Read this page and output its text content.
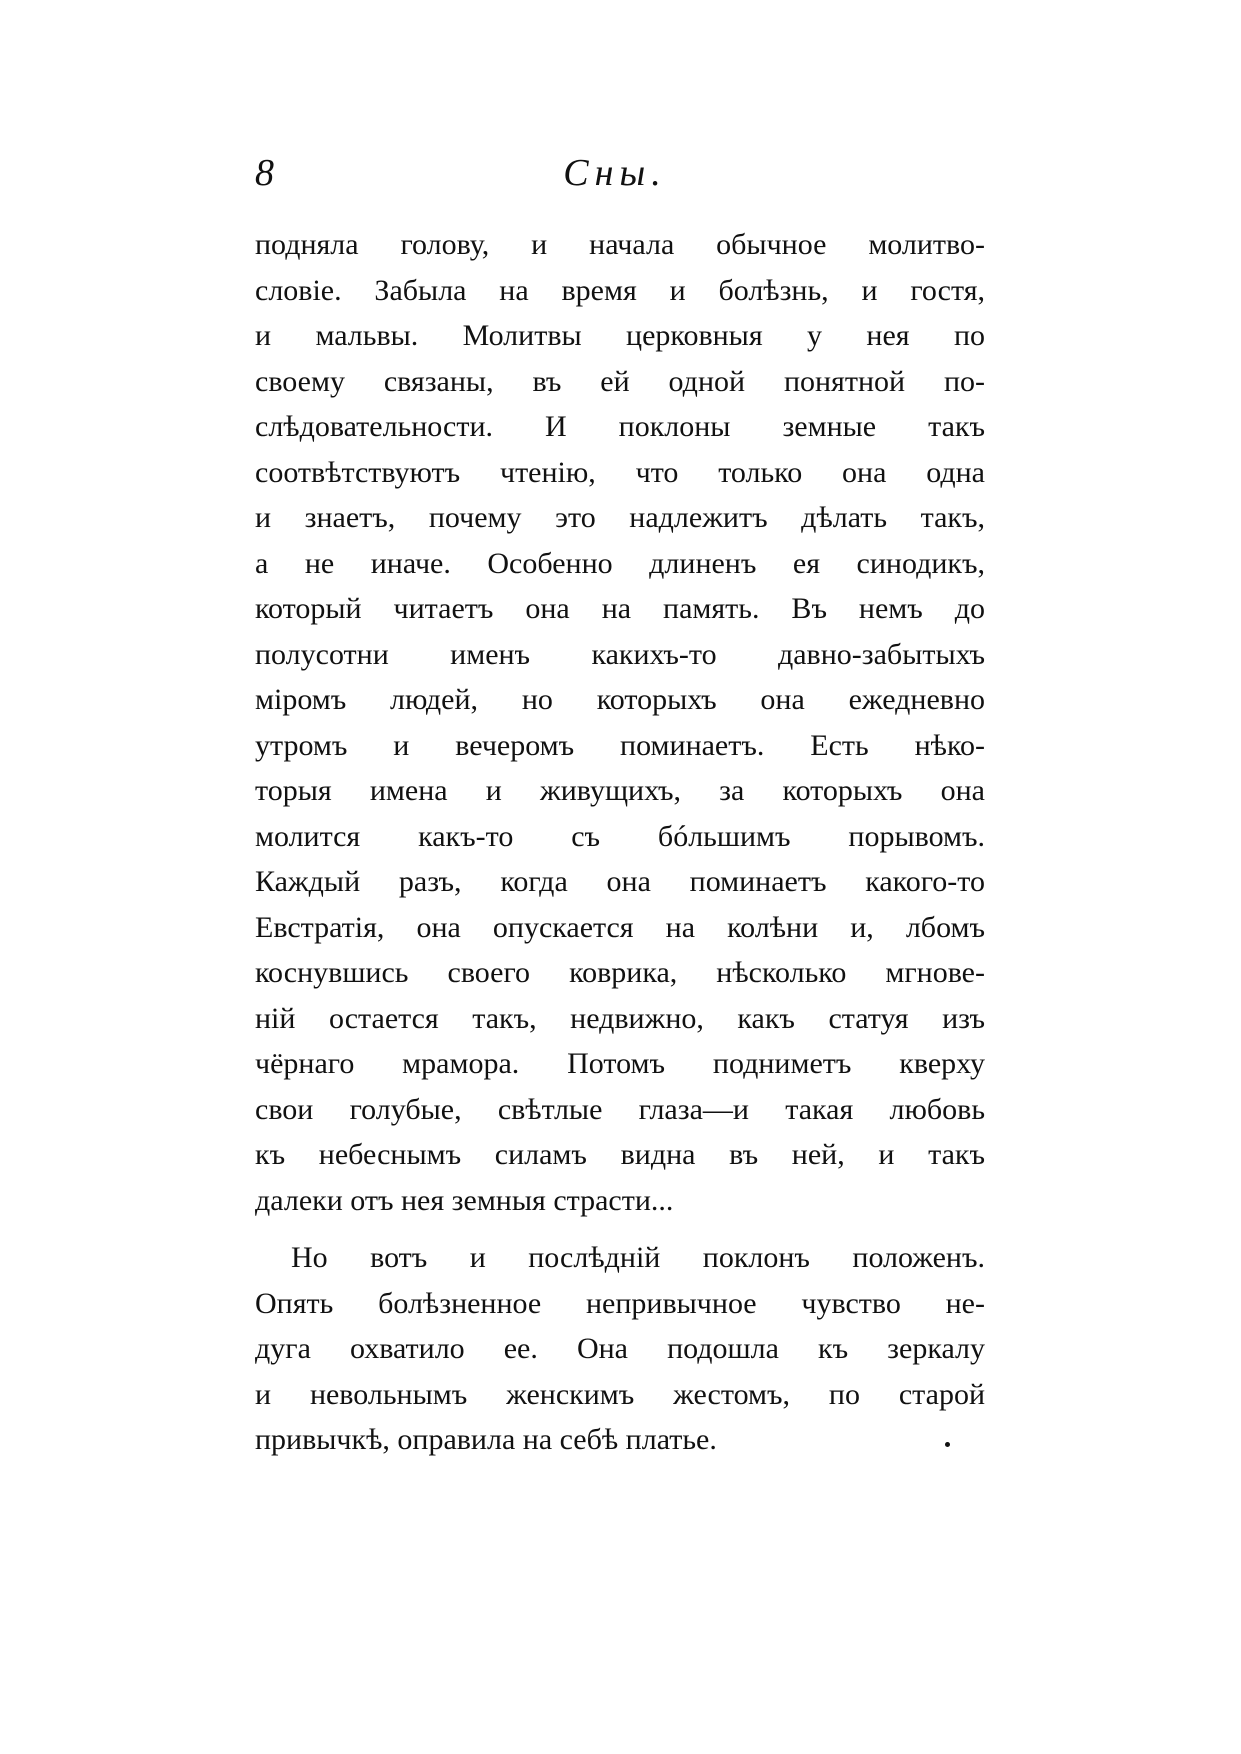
8	Сны.
подняла голову, и начала обычное молитво-
словіе. Забыла на время и болѣзнь, и гостя,
и мальвы. Молитвы церковныя у нея по
своему связаны, въ ей одной понятной по-
слѣдовательности. И поклоны земные такъ
соотвѣтствуютъ чтенію, что только она одна
и знаетъ, почему это надлежитъ дѣлать такъ,
а не иначе. Особенно длиненъ ея синодикъ,
который читаетъ она на память. Въ немъ до
полусотни именъ какихъ-то давно-забытыхъ
міромъ людей, но которыхъ она ежедневно
утромъ и вечеромъ поминаетъ. Есть нѣко-
торыя имена и живущихъ, за которыхъ она
молится какъ-то съ бóльшимъ порывомъ.
Каждый разъ, когда она поминаетъ какого-то
Евстратія, она опускается на колѣни и, лбомъ
коснувшись своего коврика, нѣсколько мгнове-
ній остается такъ, недвижно, какъ статуя изъ
чёрнаго мрамора. Потомъ подниметъ кверху
свои голубые, свѣтлые глаза—и такая любовь
къ небеснымъ силамъ видна въ ней, и такъ
далеки отъ нея земныя страсти...
Но вотъ и послѣдній поклонъ положенъ.
Опять болѣзненное непривычное чувство не-
дуга охватило ее. Она подошла къ зеркалу
и невольнымъ женскимъ жестомъ, по старой
привычкѣ, оправила на себѣ платье.
